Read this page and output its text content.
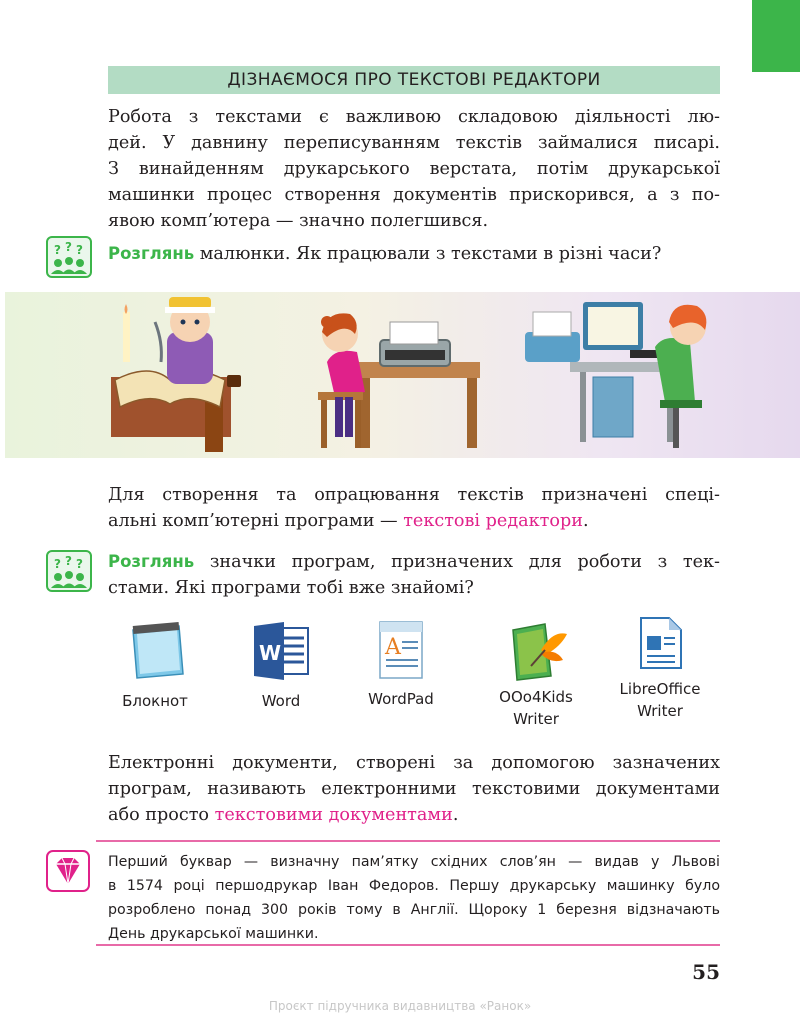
ДІЗНАЄМОСЯ ПРО ТЕКСТОВІ РЕДАКТОРИ
Робота з текстами є важливою складовою діяльності лю-
дей. У давнину переписуванням текстів займалися писарі.
З винайденням друкарського верстата, потім друкарської
машинки процес створення документів прискорився, а з по-
явою комп’ютера — значно полегшився.
? ? ? Розглянь малюнки. Як працювали з текстами в різні часи?
Для створення та опрацювання текстів призначені спеці-
альні комп’ютерні програми — текстові редактори.
? ? ? Розглянь значки програм, призначених для роботи з тек-
стами. Які програми тобі вже знайомі?
Блокнот
W
Word
A
WordPad	OOo4Kids
Writer
LibreOffice
Writer
Електронні документи, створені за допомогою зазначених
програм, називають електронними текстовими документами
або просто текстовими документами.
Перший буквар — визначну пам’ятку східних слов’ян — видав у Львові
в 1574 році першодрукар Іван Федоров. Першу друкарську машинку було
розроблено понад 300 років тому в Англії. Щороку 1 березня відзначають
День друкарської машинки.
55
Проєкт підручника видавництва «Ранок»
